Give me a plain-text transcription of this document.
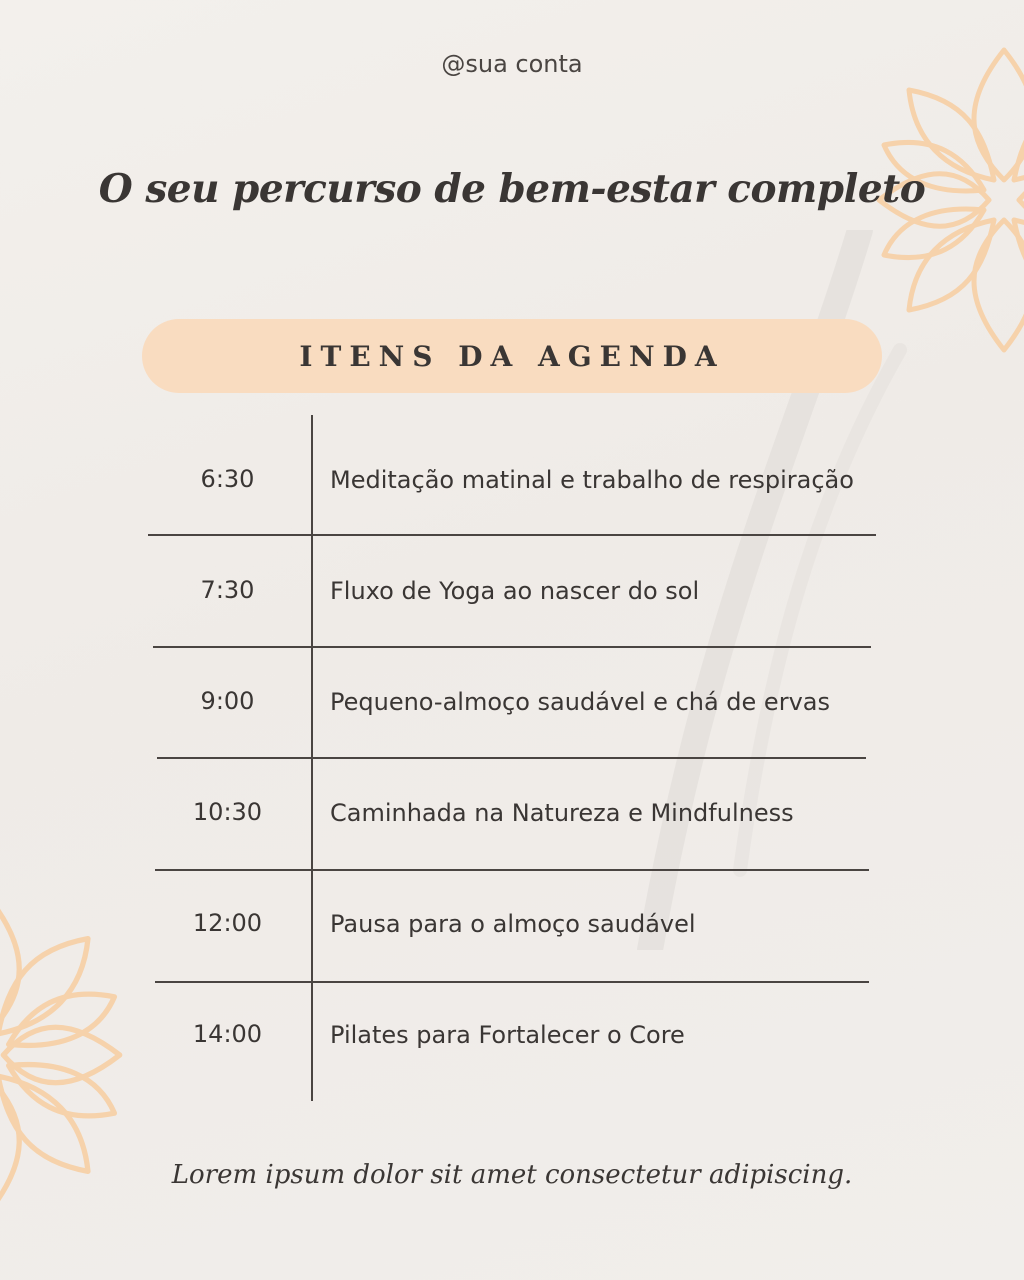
@sua conta
O seu percurso de bem-estar completo
ITENS DA AGENDA
6:30	Meditação matinal e trabalho de respiração
7:30	Fluxo de Yoga ao nascer do sol
9:00	Pequeno-almoço saudável e chá de ervas
10:30	Caminhada na Natureza e Mindfulness
12:00	Pausa para o almoço saudável
14:00	Pilates para Fortalecer o Core
Lorem ipsum dolor sit amet consectetur adipiscing.
